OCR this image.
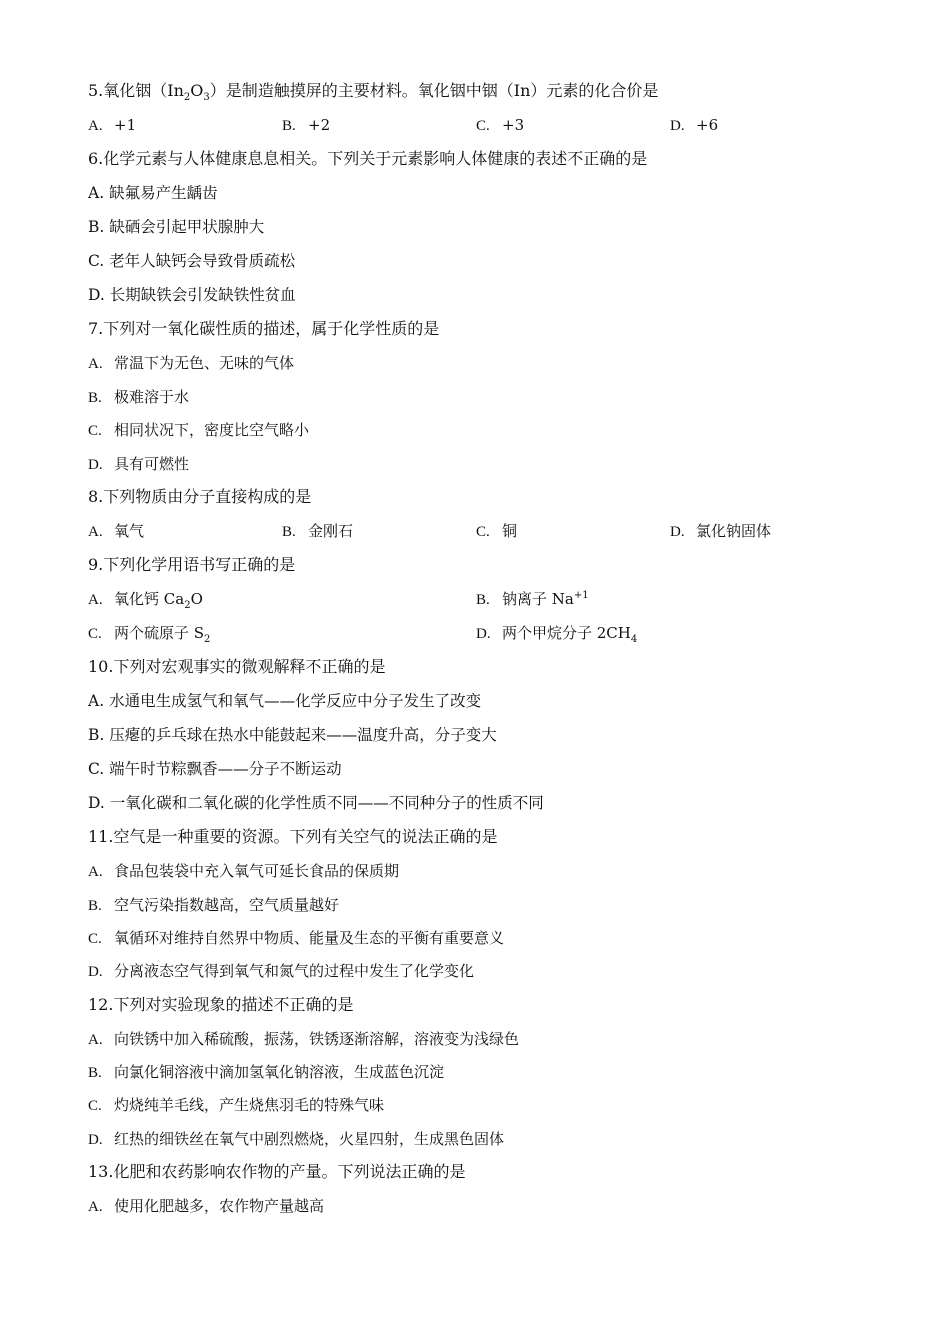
5.氧化铟$(In_2O_3)$是制造触摸屏的主要材料。氧化铟中铟（In）元素的化合价是
A. +1	B. +2	C. +3	D. +6
6.化学元素与人体健康息息相关。下列关于元素影响人体健康的表述不正确的是
A. 缺氟易产生龋齿
B. 缺硒会引起甲状腺肿大
C. 老年人缺钙会导致骨质疏松
D. 长期缺铁会引发缺铁性贫血
7.下列对一氧化碳性质的描述，属于化学性质的是
A. 常温下为无色、无味的气体
B. 极难溶于水
C. 相同状况下，密度比空气略小
D. 具有可燃性
8.下列物质由分子直接构成的是
A. 氧气	B. 金刚石	C. 铜	D. 氯化钠固体
9.下列化学用语书写正确的是
A. 氧化钙 $Ca_2O$	B. 钠离子 $Na^{+1}$
C. 两个硫原子 $S_2$	D. 两个甲烷分子 $2CH_4$
10.下列对宏观事实的微观解释不正确的是
A. 水通电生成氢气和氧气——化学反应中分子发生了改变
B. 压瘪的乒乓球在热水中能鼓起来——温度升高，分子变大
C. 端午时节粽飘香——分子不断运动
D. 一氧化碳和二氧化碳的化学性质不同——不同种分子的性质不同
11.空气是一种重要的资源。下列有关空气的说法正确的是
A. 食品包装袋中充入氧气可延长食品的保质期
B. 空气污染指数越高，空气质量越好
C. 氧循环对维持自然界中物质、能量及生态的平衡有重要意义
D. 分离液态空气得到氧气和氮气的过程中发生了化学变化
12.下列对实验现象的描述不正确的是
A. 向铁锈中加入稀硫酸，振荡，铁锈逐渐溶解，溶液变为浅绿色
B. 向氯化铜溶液中滴加氢氧化钠溶液，生成蓝色沉淀
C. 灼烧纯羊毛线，产生烧焦羽毛的特殊气味
D. 红热的细铁丝在氧气中剧烈燃烧，火星四射，生成黑色固体
13.化肥和农药影响农作物的产量。下列说法正确的是
A. 使用化肥越多，农作物产量越高
